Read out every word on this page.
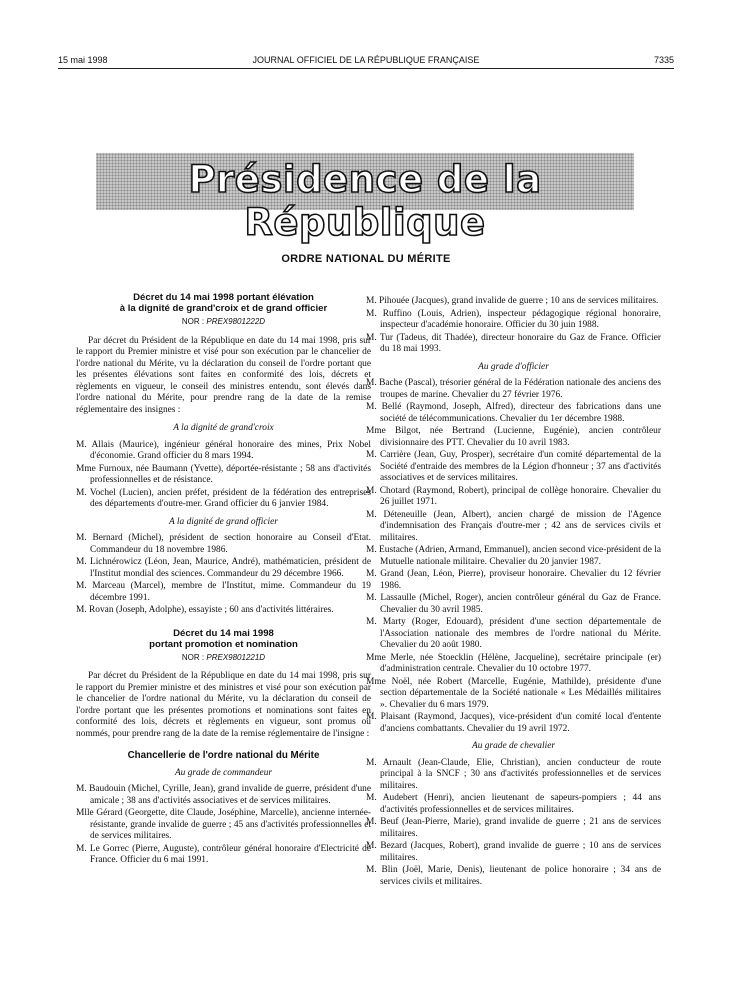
15 mai 1998	JOURNAL OFFICIEL DE LA RÉPUBLIQUE FRANÇAISE	7335
Présidence de la République
ORDRE NATIONAL DU MÉRITE
Décret du 14 mai 1998 portant élévation
à la dignité de grand'croix et de grand officier
NOR : PREX9801222D

Par décret du Président de la République en date du 14 mai 1998, pris sur le rapport du Premier ministre et visé pour son exécution par le chancelier de l'ordre national du Mérite, vu la déclaration du conseil de l'ordre portant que les présentes élévations sont faites en conformité des lois, décrets et règlements en vigueur, le conseil des ministres entendu, sont élevés dans l'ordre national du Mérite, pour prendre rang de la date de la remise réglementaire des insignes :

A la dignité de grand'croix

M. Allais (Maurice), ingénieur général honoraire des mines, Prix Nobel d'économie. Grand officier du 8 mars 1994.

Mme Furnoux, née Baumann (Yvette), déportée-résistante ; 58 ans d'activités professionnelles et de résistance.

M. Vochel (Lucien), ancien préfet, président de la fédération des entreprises des départements d'outre-mer. Grand officier du 6 janvier 1984.

A la dignité de grand officier

M. Bernard (Michel), président de section honoraire au Conseil d'Etat. Commandeur du 18 novembre 1986.

M. Lichnérowicz (Léon, Jean, Maurice, André), mathématicien, président de l'Institut mondial des sciences. Commandeur du 29 décembre 1966.

M. Marceau (Marcel), membre de l'Institut, mime. Commandeur du 19 décembre 1991.

M. Rovan (Joseph, Adolphe), essayiste ; 60 ans d'activités littéraires.

Décret du 14 mai 1998
portant promotion et nomination
NOR : PREX9801221D

Par décret du Président de la République en date du 14 mai 1998, pris sur le rapport du Premier ministre et des ministres et visé pour son exécution par le chancelier de l'ordre national du Mérite, vu la déclaration du conseil de l'ordre portant que les présentes promotions et nominations sont faites en conformité des lois, décrets et règlements en vigueur, sont promus ou nommés, pour prendre rang de la date de la remise réglementaire de l'insigne :

Chancellerie de l'ordre national du Mérite
Au grade de commandeur

M. Baudouin (Michel, Cyrille, Jean), grand invalide de guerre, président d'une amicale ; 38 ans d'activités associatives et de services militaires.

Mlle Gérard (Georgette, dite Claude, Joséphine, Marcelle), ancienne internée-résistante, grande invalide de guerre ; 45 ans d'activités professionnelles et de services militaires.

M. Le Gorrec (Pierre, Auguste), contrôleur général honoraire d'Electricité de France. Officier du 6 mai 1991.

M. Pihouée (Jacques), grand invalide de guerre ; 10 ans de services militaires.

M. Ruffino (Louis, Adrien), inspecteur pédagogique régional honoraire, inspecteur d'académie honoraire. Officier du 30 juin 1988.

M. Tur (Tadeus, dit Thadée), directeur honoraire du Gaz de France. Officier du 18 mai 1993.

Au grade d'officier

M. Bache (Pascal), trésorier général de la Fédération nationale des anciens des troupes de marine. Chevalier du 27 février 1976.

M. Bellé (Raymond, Joseph, Alfred), directeur des fabrications dans une société de télécommunications. Chevalier du 1er décembre 1988.

Mme Bilgot, née Bertrand (Lucienne, Eugénie), ancien contrôleur divisionnaire des PTT. Chevalier du 10 avril 1983.

M. Carrière (Jean, Guy, Prosper), secrétaire d'un comité départemental de la Société d'entraide des membres de la Légion d'honneur ; 37 ans d'activités associatives et de services militaires.

M. Chotard (Raymond, Robert), principal de collège honoraire. Chevalier du 26 juillet 1971.

M. Déteneuille (Jean, Albert), ancien chargé de mission de l'Agence d'indemnisation des Français d'outre-mer ; 42 ans de services civils et militaires.

M. Eustache (Adrien, Armand, Emmanuel), ancien second vice-président de la Mutuelle nationale militaire. Chevalier du 20 janvier 1987.

M. Grand (Jean, Léon, Pierre), proviseur honoraire. Chevalier du 12 février 1986.

M. Lassaulle (Michel, Roger), ancien contrôleur général du Gaz de France. Chevalier du 30 avril 1985.

M. Marty (Roger, Edouard), président d'une section départementale de l'Association nationale des membres de l'ordre national du Mérite. Chevalier du 20 août 1980.

Mme Merle, née Stoecklin (Hélène, Jacqueline), secrétaire principale (er) d'administration centrale. Chevalier du 10 octobre 1977.

Mme Noël, née Robert (Marcelle, Eugénie, Mathilde), présidente d'une section départementale de la Société nationale « Les Médaillés militaires ». Chevalier du 6 mars 1979.

M. Plaisant (Raymond, Jacques), vice-président d'un comité local d'entente d'anciens combattants. Chevalier du 19 avril 1972.

Au grade de chevalier

M. Arnault (Jean-Claude, Elie, Christian), ancien conducteur de route principal à la SNCF ; 30 ans d'activités professionnelles et de services militaires.

M. Audebert (Henri), ancien lieutenant de sapeurs-pompiers ; 44 ans d'activités professionnelles et de services militaires.

M. Beuf (Jean-Pierre, Marie), grand invalide de guerre ; 21 ans de services militaires.

M. Bezard (Jacques, Robert), grand invalide de guerre ; 10 ans de services militaires.

M. Blin (Joël, Marie, Denis), lieutenant de police honoraire ; 34 ans de services civils et militaires.
